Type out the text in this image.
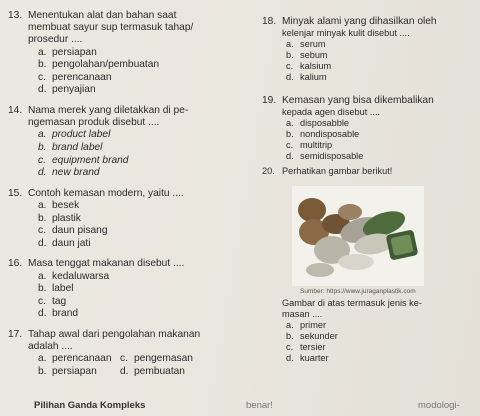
13. Menentukan alat dan bahan saat
membuat sayur sup termasuk tahap/
prosedur ....
a. persiapan
b. pengolahan/pembuatan
c. perencanaan
d. penyajian
14. Nama merek yang diletakkan di pe-
ngemasan produk disebut ....
a. product label
b. brand label
c. equipment brand
d. new brand
15. Contoh kemasan modern, yaitu ....
a. besek
b. plastik
c. daun pisang
d. daun jati
16. Masa tenggat makanan disebut ....
a. kedaluwarsa
b. label
c. tag
d. brand
17. Tahap awal dari pengolahan makanan
adalah ....
a. perencanaan c. pengemasan
b. persiapan d. pembuatan
18. Minyak alami yang dihasilkan oleh
kelenjar minyak kulit disebut ....
a. serum
b. sebum
c. kalsium
d. kalium
19. Kemasan yang bisa dikembalikan
kepada agen disebut ....
a. disposabble
b. nondisposable
c. multitrip
d. semidisposable
20. Perhatikan gambar berikut!
Sumber: https://www.juraganplastik.com
Gambar di atas termasuk jenis ke-
masan ....
a. primer
b. sekunder
c. tersier
d. kuarter
Pilihan Ganda Kompleks	benar!	modologi-
